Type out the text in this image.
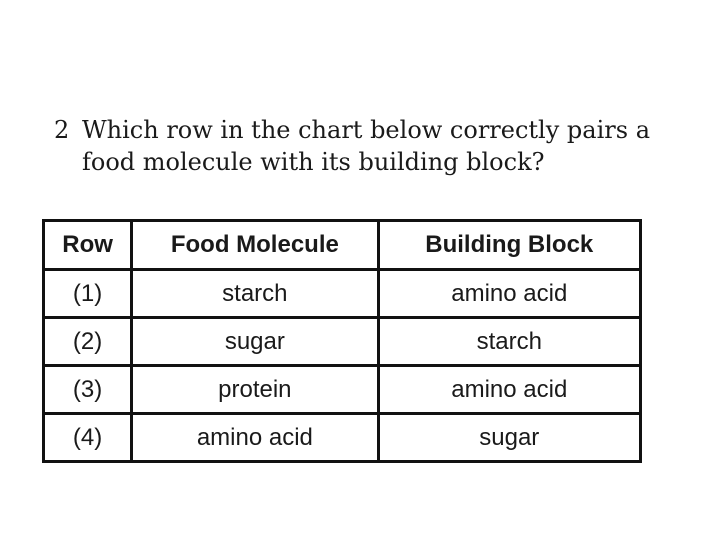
2 Which row in the chart below correctly pairs a food molecule with its building block?
Row	Food Molecule	Building Block
(1)	starch	amino acid
(2)	sugar	starch
(3)	protein	amino acid
(4)	amino acid	sugar
